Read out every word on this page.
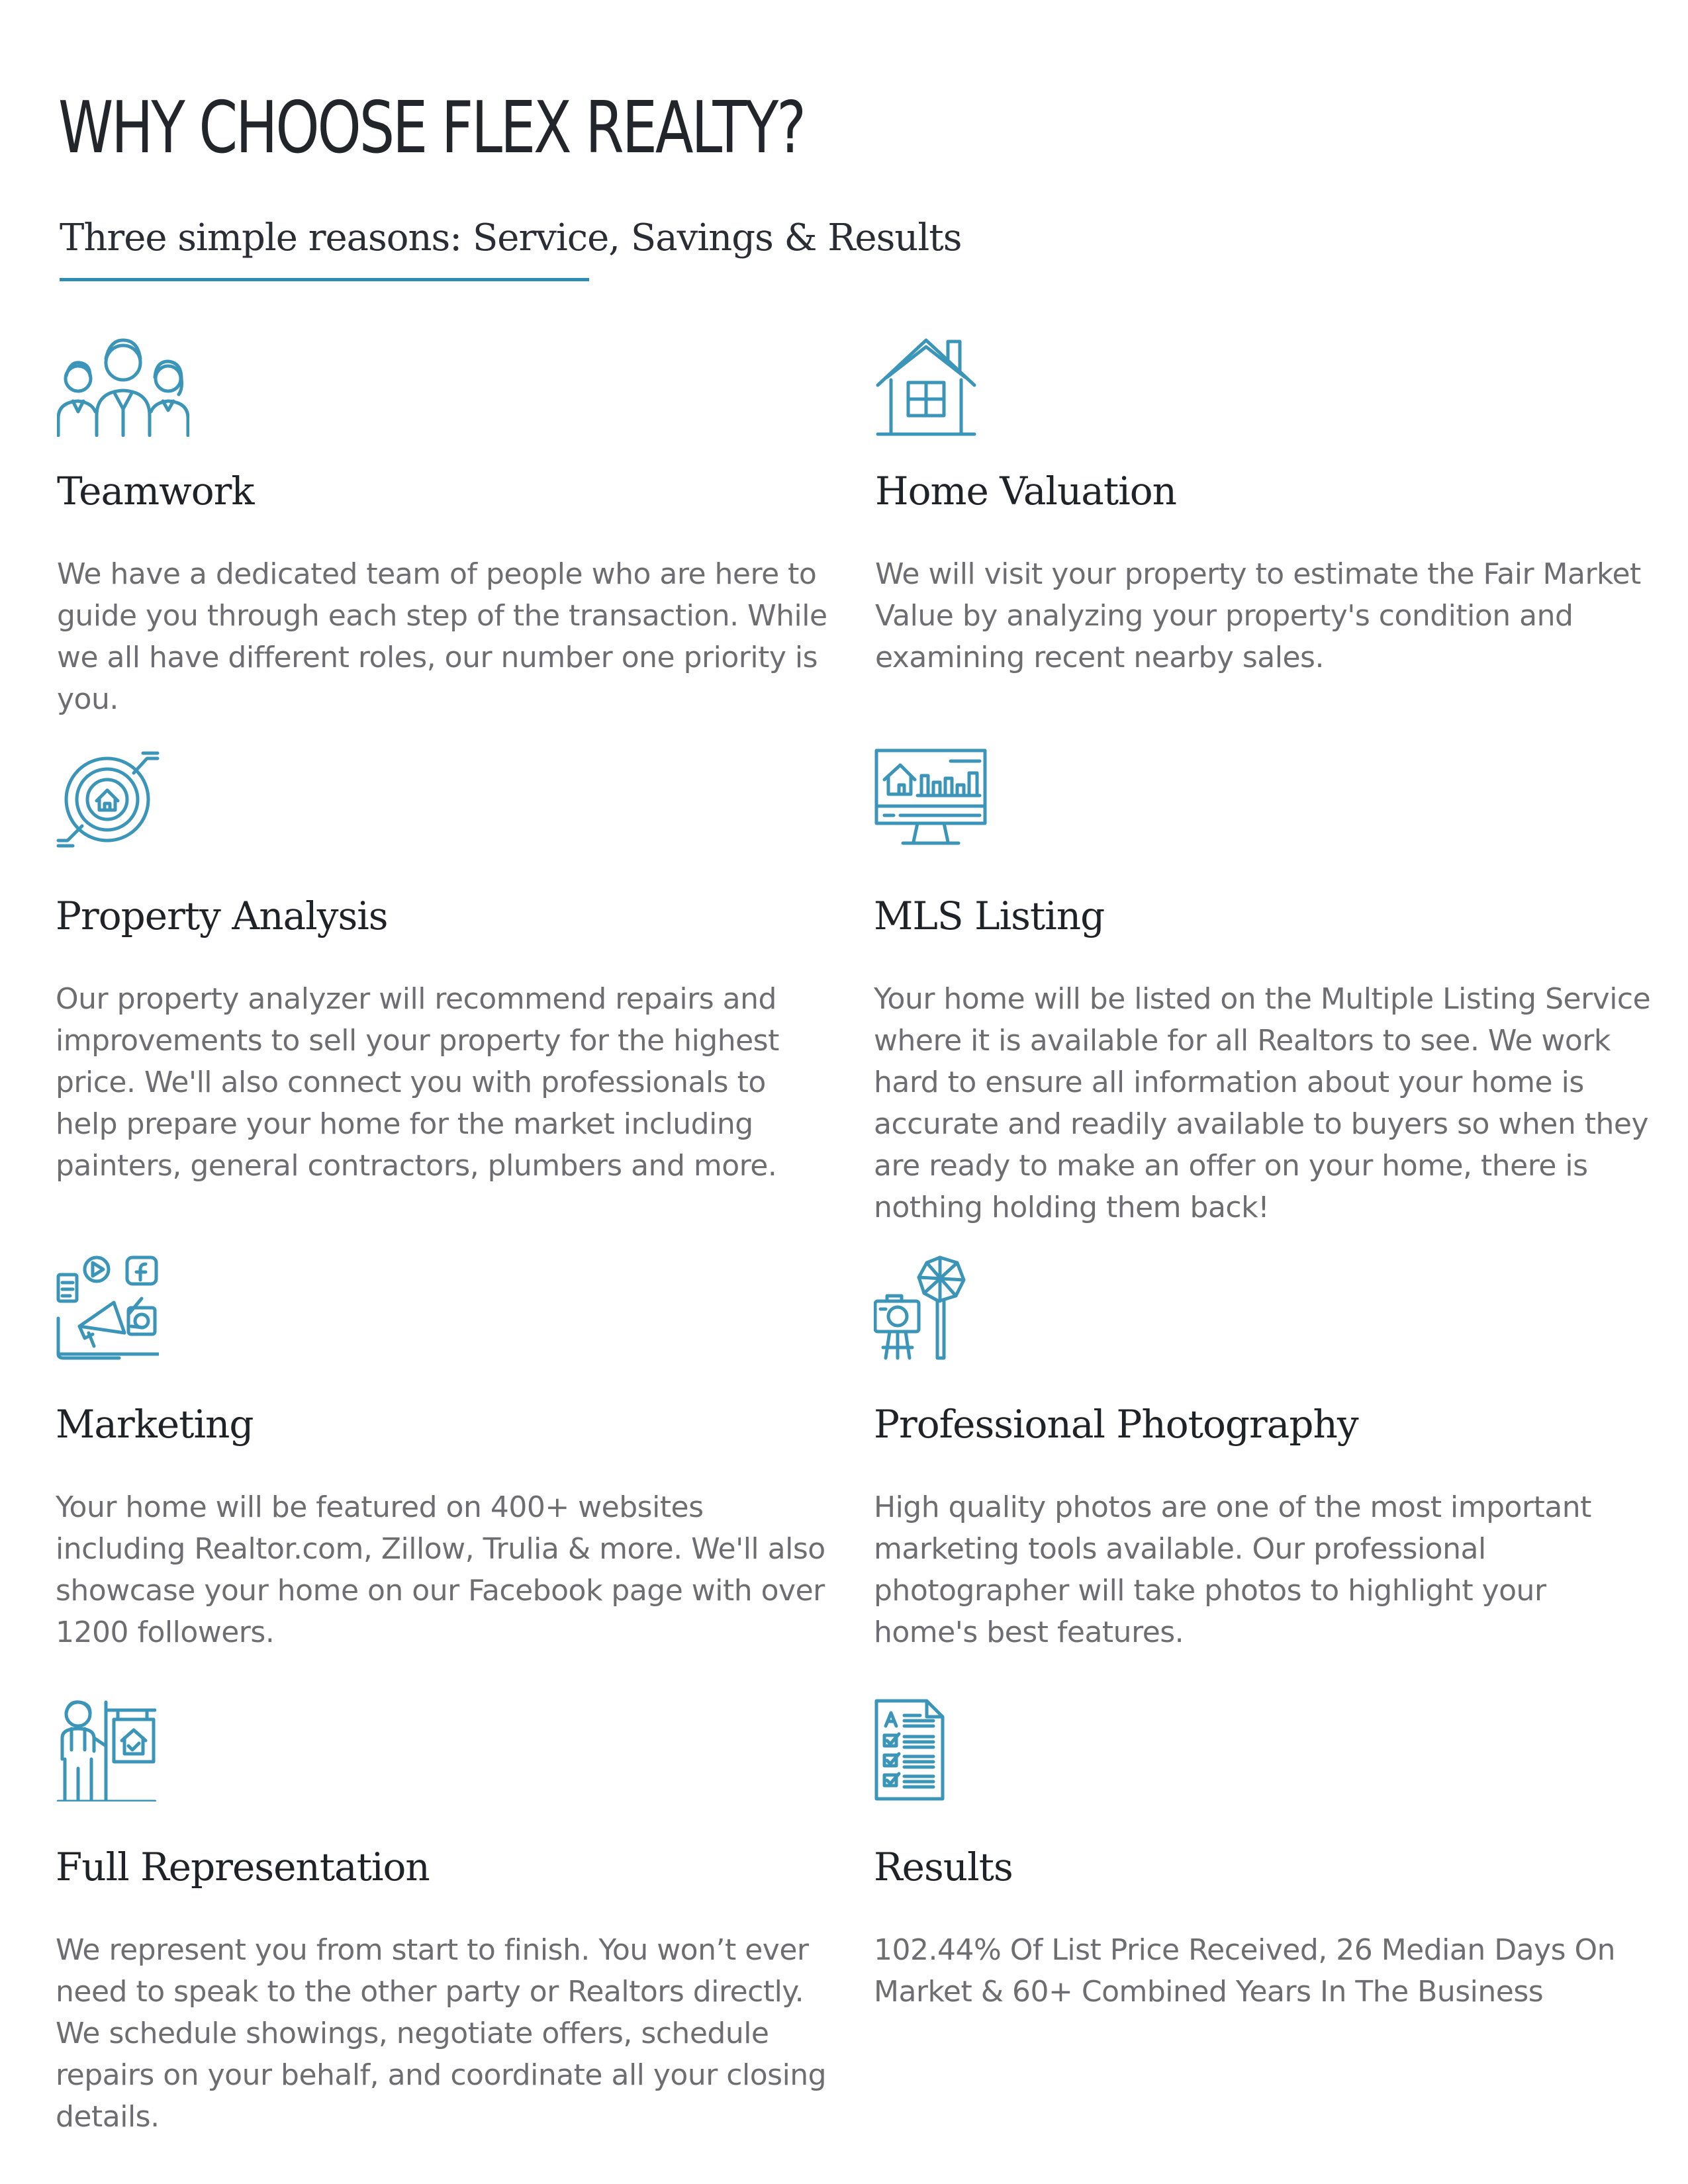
WHY CHOOSE FLEX REALTY?

Three simple reasons: Service, Savings & Results

Teamwork

We have a dedicated team of people who are here to guide you through each step of the transaction. While we all have different roles, our number one priority is you.

Home Valuation

We will visit your property to estimate the Fair Market Value by analyzing your property's condition and examining recent nearby sales.

Property Analysis

Our property analyzer will recommend repairs and improvements to sell your property for the highest price. We'll also connect you with professionals to help prepare your home for the market including painters, general contractors, plumbers and more.

MLS Listing

Your home will be listed on the Multiple Listing Service where it is available for all Realtors to see. We work hard to ensure all information about your home is accurate and readily available to buyers so when they are ready to make an offer on your home, there is nothing holding them back!

Marketing

Your home will be featured on 400+ websites including Realtor.com, Zillow, Trulia & more. We'll also showcase your home on our Facebook page with over 1200 followers.

Professional Photography

High quality photos are one of the most important marketing tools available. Our professional photographer will take photos to highlight your home's best features.

Full Representation

We represent you from start to finish. You won’t ever need to speak to the other party or Realtors directly. We schedule showings, negotiate offers, schedule repairs on your behalf, and coordinate all your closing details.

Results

102.44% Of List Price Received, 26 Median Days On Market & 60+ Combined Years In The Business
